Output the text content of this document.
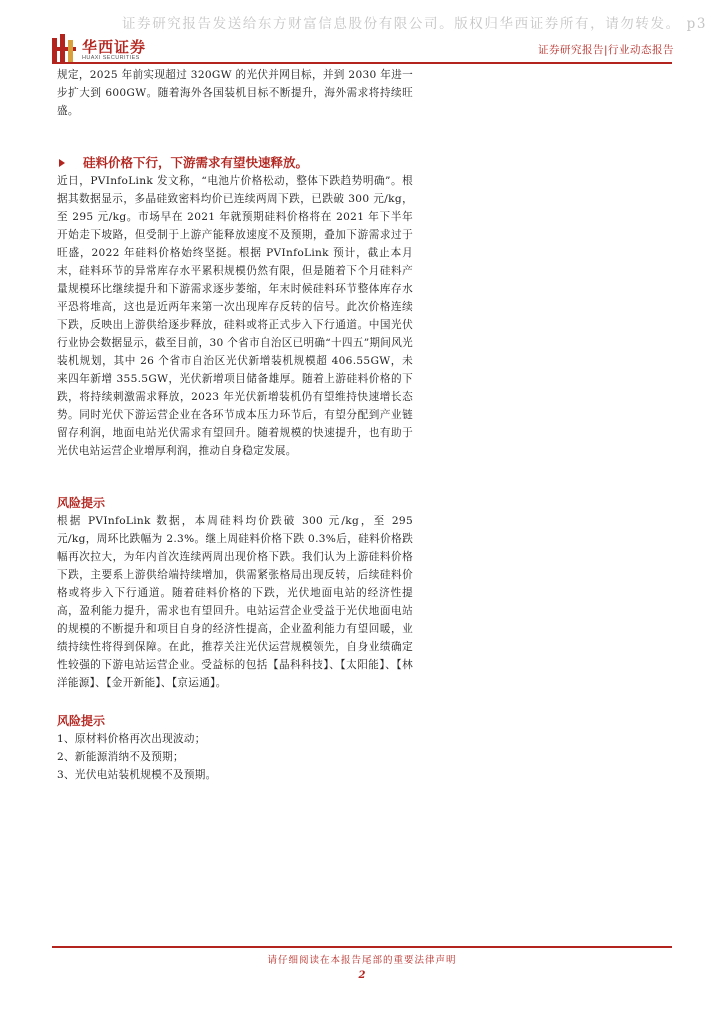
证券研究报告发送给东方财富信息股份有限公司。版权归华西证券所有，请勿转发。 p3
华西证券
HUAXI SECURITIES
证券研究报告|行业动态报告

规定，2025 年前实现超过 320GW 的光伏并网目标，并到 2030 年进一步扩大到 600GW。随着海外各国装机目标不断提升，海外需求将持续旺盛。

硅料价格下行，下游需求有望快速释放。

近日，PVInfoLink 发文称，“电池片价格松动，整体下跌趋势明确”。根据其数据显示，多晶硅致密料均价已连续两周下跌，已跌破 300 元/kg，至 295 元/kg。市场早在 2021 年就预期硅料价格将在 2021 年下半年开始走下坡路，但受制于上游产能释放速度不及预期，叠加下游需求过于旺盛，2022 年硅料价格始终坚挺。根据 PVInfoLink 预计，截止本月末，硅料环节的异常库存水平累积规模仍然有限，但是随着下个月硅料产量规模环比继续提升和下游需求逐步萎缩，年末时候硅料环节整体库存水平恐将堆高，这也是近两年来第一次出现库存反转的信号。此次价格连续下跌，反映出上游供给逐步释放，硅料或将正式步入下行通道。中国光伏行业协会数据显示，截至目前，30 个省市自治区已明确“十四五”期间风光装机规划，其中 26 个省市自治区光伏新增装机规模超 406.55GW，未来四年新增 355.5GW，光伏新增项目储备雄厚。随着上游硅料价格的下跌，将持续刺激需求释放，2023 年光伏新增装机仍有望维持快速增长态势。同时光伏下游运营企业在各环节成本压力环节后，有望分配到产业链留存利润，地面电站光伏需求有望回升。随着规模的快速提升，也有助于光伏电站运营企业增厚利润，推动自身稳定发展。

风险提示

根据 PVInfoLink 数据，本周硅料均价跌破 300 元/kg，至 295 元/kg，周环比跌幅为 2.3%。继上周硅料价格下跌 0.3%后，硅料价格跌幅再次拉大，为年内首次连续两周出现价格下跌。我们认为上游硅料价格下跌，主要系上游供给端持续增加，供需紧张格局出现反转，后续硅料价格或将步入下行通道。随着硅料价格的下跌，光伏地面电站的经济性提高，盈利能力提升，需求也有望回升。电站运营企业受益于光伏地面电站的规模的不断提升和项目自身的经济性提高，企业盈利能力有望回暖，业绩持续性将得到保障。在此，推荐关注光伏运营规模领先，自身业绩确定性较强的下游电站运营企业。受益标的包括【晶科科技】、【太阳能】、【林洋能源】、【金开新能】、【京运通】。

风险提示
1、原材料价格再次出现波动；
2、新能源消纳不及预期；
3、光伏电站装机规模不及预期。
请仔细阅读在本报告尾部的重要法律声明
2
